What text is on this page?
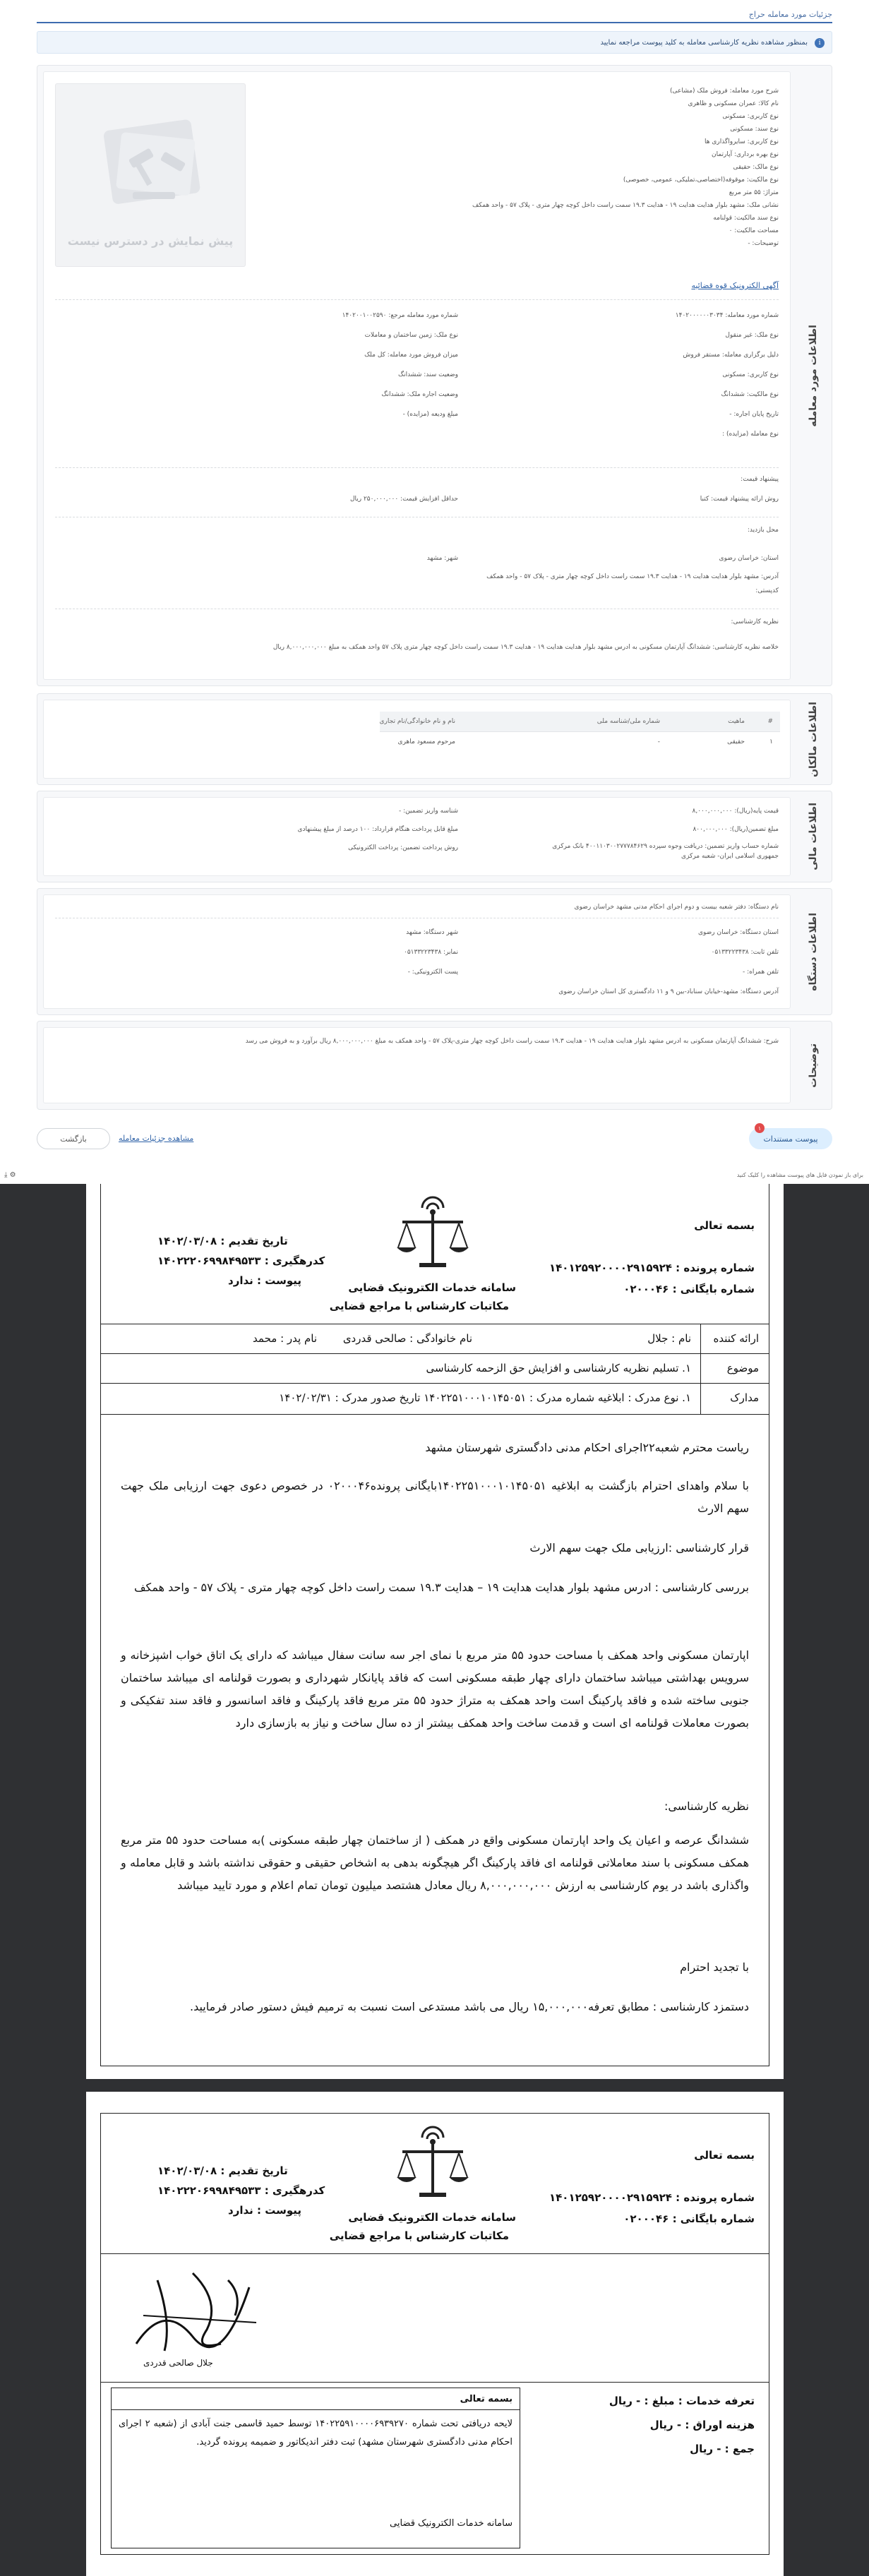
جزئیات مورد معامله حراج
i
بمنظور مشاهده نظریه کارشناسی معامله به کلید پیوست مراجعه نمایید
اطلاعات مورد معامله
پیش نمایش در دسترس نیست
شرح مورد معامله: فروش ملک (مشاعی)
نام کالا: عمران مسکونی و ظاهری
نوع کاربری: مسکونی
نوع سند: مسکونی
نوع کاربری: سایرواگذاری ها
نوع بهره برداری: آپارتمان
نوع مالک: حقیقی
نوع مالکیت: موقوفه(اختصاصی،تملیکی، عمومی، خصوصی)
متراژ: ۵۵ متر مربع
نشانی ملک: مشهد بلوار هدایت هدایت ۱۹ - هدایت ۱۹.۳ سمت راست داخل کوچه چهار متری - پلاک ۵۷ - واحد همکف
نوع سند مالکیت: قولنامه
مساحت مالکیت: ۰
توضیحات: -
آگهی الکترونیک قوه قضائیه
شماره مورد معامله: ۱۴۰۲۰۰۰۰۰۰۳۰۳۴
نوع ملک: غیر منقول
دلیل برگزاری معامله: مستقر فروش
نوع کاربری: مسکونی
نوع مالکیت: ششدانگ
تاریخ پایان اجاره: -
نوع معامله (مزایده) :
شماره مورد معامله مرجع: ۱۴۰۲۰۰۱۰۰۲۵۹۰
نوع ملک: زمین ساختمان و معاملات
میزان فروش مورد معامله: کل ملک
وضعیت سند: ششدانگ
وضعیت اجاره ملک: ششدانگ
مبلغ ودیعه (مزایده) -
پیشنهاد قیمت:
روش ارائه پیشنهاد قیمت: کتبا
حداقل افزایش قیمت: ۲۵۰,۰۰۰,۰۰۰ ریال
محل بازدید:
استان: خراسان رضوی
شهر: مشهد
آدرس: مشهد بلوار هدایت هدایت ۱۹ - هدایت ۱۹.۳ سمت راست داخل کوچه چهار متری - پلاک ۵۷ - واحد همکف
کدپستی:
نظریه کارشناسی:
خلاصه نظریه کارشناسی: ششدانگ آپارتمان مسکونی به ادرس مشهد بلوار هدایت هدایت ۱۹ - هدایت ۱۹.۳ سمت راست داخل کوچه چهار متری پلاک ۵۷ واحد همکف به مبلغ ۸,۰۰۰,۰۰۰,۰۰۰ ریال
اطلاعات مالکان
#	ماهیت	شماره ملی/شناسه ملی	نام و نام خانوادگی/نام تجاری
۱	حقیقی	-	مرحوم مسعود ماهری
اطلاعات مالی
قیمت پایه(ریال): ۸,۰۰۰,۰۰۰,۰۰۰
مبلغ تضمین(ریال): ۸۰۰,۰۰۰,۰۰۰
شماره حساب واریز تضمین: دریافت وجوه سپرده ۴۰۰۱۱۰۳۰۰۲۷۷۷۸۴۶۲۹ بانک مرکزی جمهوری اسلامی ایران- شعبه مرکزی
شناسه واریز تضمین: -
مبلغ قابل پرداخت هنگام قرارداد: ۱۰۰ درصد از مبلغ پیشنهادی
روش پرداخت تضمین: پرداخت الکترونیکی
اطلاعات دستگاه
نام دستگاه: دفتر شعبه بیست و دوم اجرای احکام مدنی مشهد خراسان رضوی
استان دستگاه: خراسان رضوی
تلفن ثابت: ۰۵۱۳۳۲۲۳۴۳۸
تلفن همراه: -
آدرس دستگاه: مشهد-خیابان سناباد-بین ۹ و ۱۱ دادگستری کل استان خراسان رضوی
شهر دستگاه: مشهد
نمابر: ۰۵۱۳۳۲۲۳۴۳۸
پست الکترونیکی: -
توضیحات
شرح: ششدانگ آپارتمان مسکونی به ادرس مشهد بلوار هدایت هدایت ۱۹ - هدایت ۱۹.۳ سمت راست داخل کوچه چهار متری-پلاک ۵۷ - واحد همکف به مبلغ ۸,۰۰۰,۰۰۰,۰۰۰ ریال برآورد و به فروش می رسد
بازگشت	مشاهده جزئیات معامله
۱
پیوست مستندات
برای باز نمودن فایل های پیوست مشاهده را کلیک کنید
⚙ ⤓
بسمه تعالی
شماره پرونده : ۱۴۰۱۲۵۹۲۰۰۰۰۲۹۱۵۹۲۴
شماره بایگانی : ۰۲۰۰۰۴۶
تاریخ تقدیم : ۱۴۰۲/۰۳/۰۸
کدرهگیری : ۱۴۰۲۲۲۰۶۹۹۸۴۹۵۳۳
پیوست : ندارد
سامانه خدمات الکترونیک قضایی
مکاتبات کارشناس با مراجع قضایی
ارائه کننده
نام : جلال
نام خانوادگی : صالحی قدردی
نام پدر : محمد
موضوع
۱. تسلیم نظریه کارشناسی و افزایش حق الزحمه کارشناسی
مدارک
۱. نوع مدرک : ابلاغیه شماره مدرک : ۱۴۰۲۲۵۱۰۰۰۱۰۱۴۵۰۵۱ تاریخ صدور مدرک : ۱۴۰۲/۰۲/۳۱
ریاست محترم شعبه۲۲اجرای احکام مدنی دادگستری شهرستان مشهد
با سلام واهدای احترام بازگشت به ابلاغیه ۱۴۰۲۲۵۱۰۰۰۱۰۱۴۵۰۵۱بایگانی پرونده۰۲۰۰۰۴۶ در خصوص دعوی جهت ارزیابی ملک جهت سهم الارث
قرار کارشناسی :ارزیابی ملک جهت سهم الارث
بررسی کارشناسی : ادرس مشهد بلوار هدایت هدایت ۱۹ – هدایت ۱۹.۳ سمت راست داخل کوچه چهار متری - پلاک ۵۷ - واحد همکف
اپارتمان مسکونی واحد همکف با مساحت حدود ۵۵ متر مربع با نمای اجر سه سانت سفال میباشد که دارای یک اتاق خواب اشپزخانه و سرویس بهداشتی میباشد ساختمان دارای چهار طبقه مسکونی است که فاقد پایانکار شهرداری و بصورت قولنامه ای میباشد ساختمان جنوبی ساخته شده و فاقد پارکینگ است واحد همکف به متراژ حدود ۵۵ متر مربع فاقد پارکینگ و فاقد اسانسور و فاقد سند تفکیکی و بصورت معاملات قولنامه ای است و قدمت ساخت واحد همکف بیشتر از ده سال ساخت و نیاز به بازسازی دارد
نظریه کارشناسی:
ششدانگ عرصه و اعیان یک واحد اپارتمان مسکونی واقع در همکف ( از ساختمان چهار طبقه مسکونی )به مساحت حدود ۵۵ متر مربع همکف مسکونی با سند معاملاتی قولنامه ای فاقد پارکینگ اگر هیچگونه بدهی به اشخاص حقیقی و حقوقی نداشته باشد و قابل معامله و واگذاری باشد در یوم کارشناسی به ارزش ۸,۰۰۰,۰۰۰,۰۰۰ ریال معادل هشتصد میلیون تومان تمام اعلام و مورد تایید میباشد
با تجدید احترام
دستمزد کارشناسی : مطابق تعرفه۱۵,۰۰۰,۰۰۰ ریال می باشد مستدعی است نسبت به ترمیم فیش دستور صادر فرمایید.
بسمه تعالی
شماره پرونده : ۱۴۰۱۲۵۹۲۰۰۰۰۲۹۱۵۹۲۴
شماره بایگانی : ۰۲۰۰۰۴۶
تاریخ تقدیم : ۱۴۰۲/۰۳/۰۸
کدرهگیری : ۱۴۰۲۲۲۰۶۹۹۸۴۹۵۳۳
پیوست : ندارد
سامانه خدمات الکترونیک قضایی
مکاتبات کارشناس با مراجع قضایی
جلال صالحی قدردی
تعرفه خدمات : مبلغ : - ریال
هزینه اوراق : - ریال
جمع : - ریال
بسمه تعالی
لایحه دریافتی تحت شماره ۱۴۰۲۲۵۹۱۰۰۰۰۶۹۳۹۲۷۰ توسط حمید قاسمی جنت آبادی از (شعبه ۲ اجرای احکام مدنی دادگستری شهرستان مشهد) ثبت دفتر اندیکاتور و ضمیمه پرونده گردید.
سامانه خدمات الکترونیک قضایی
